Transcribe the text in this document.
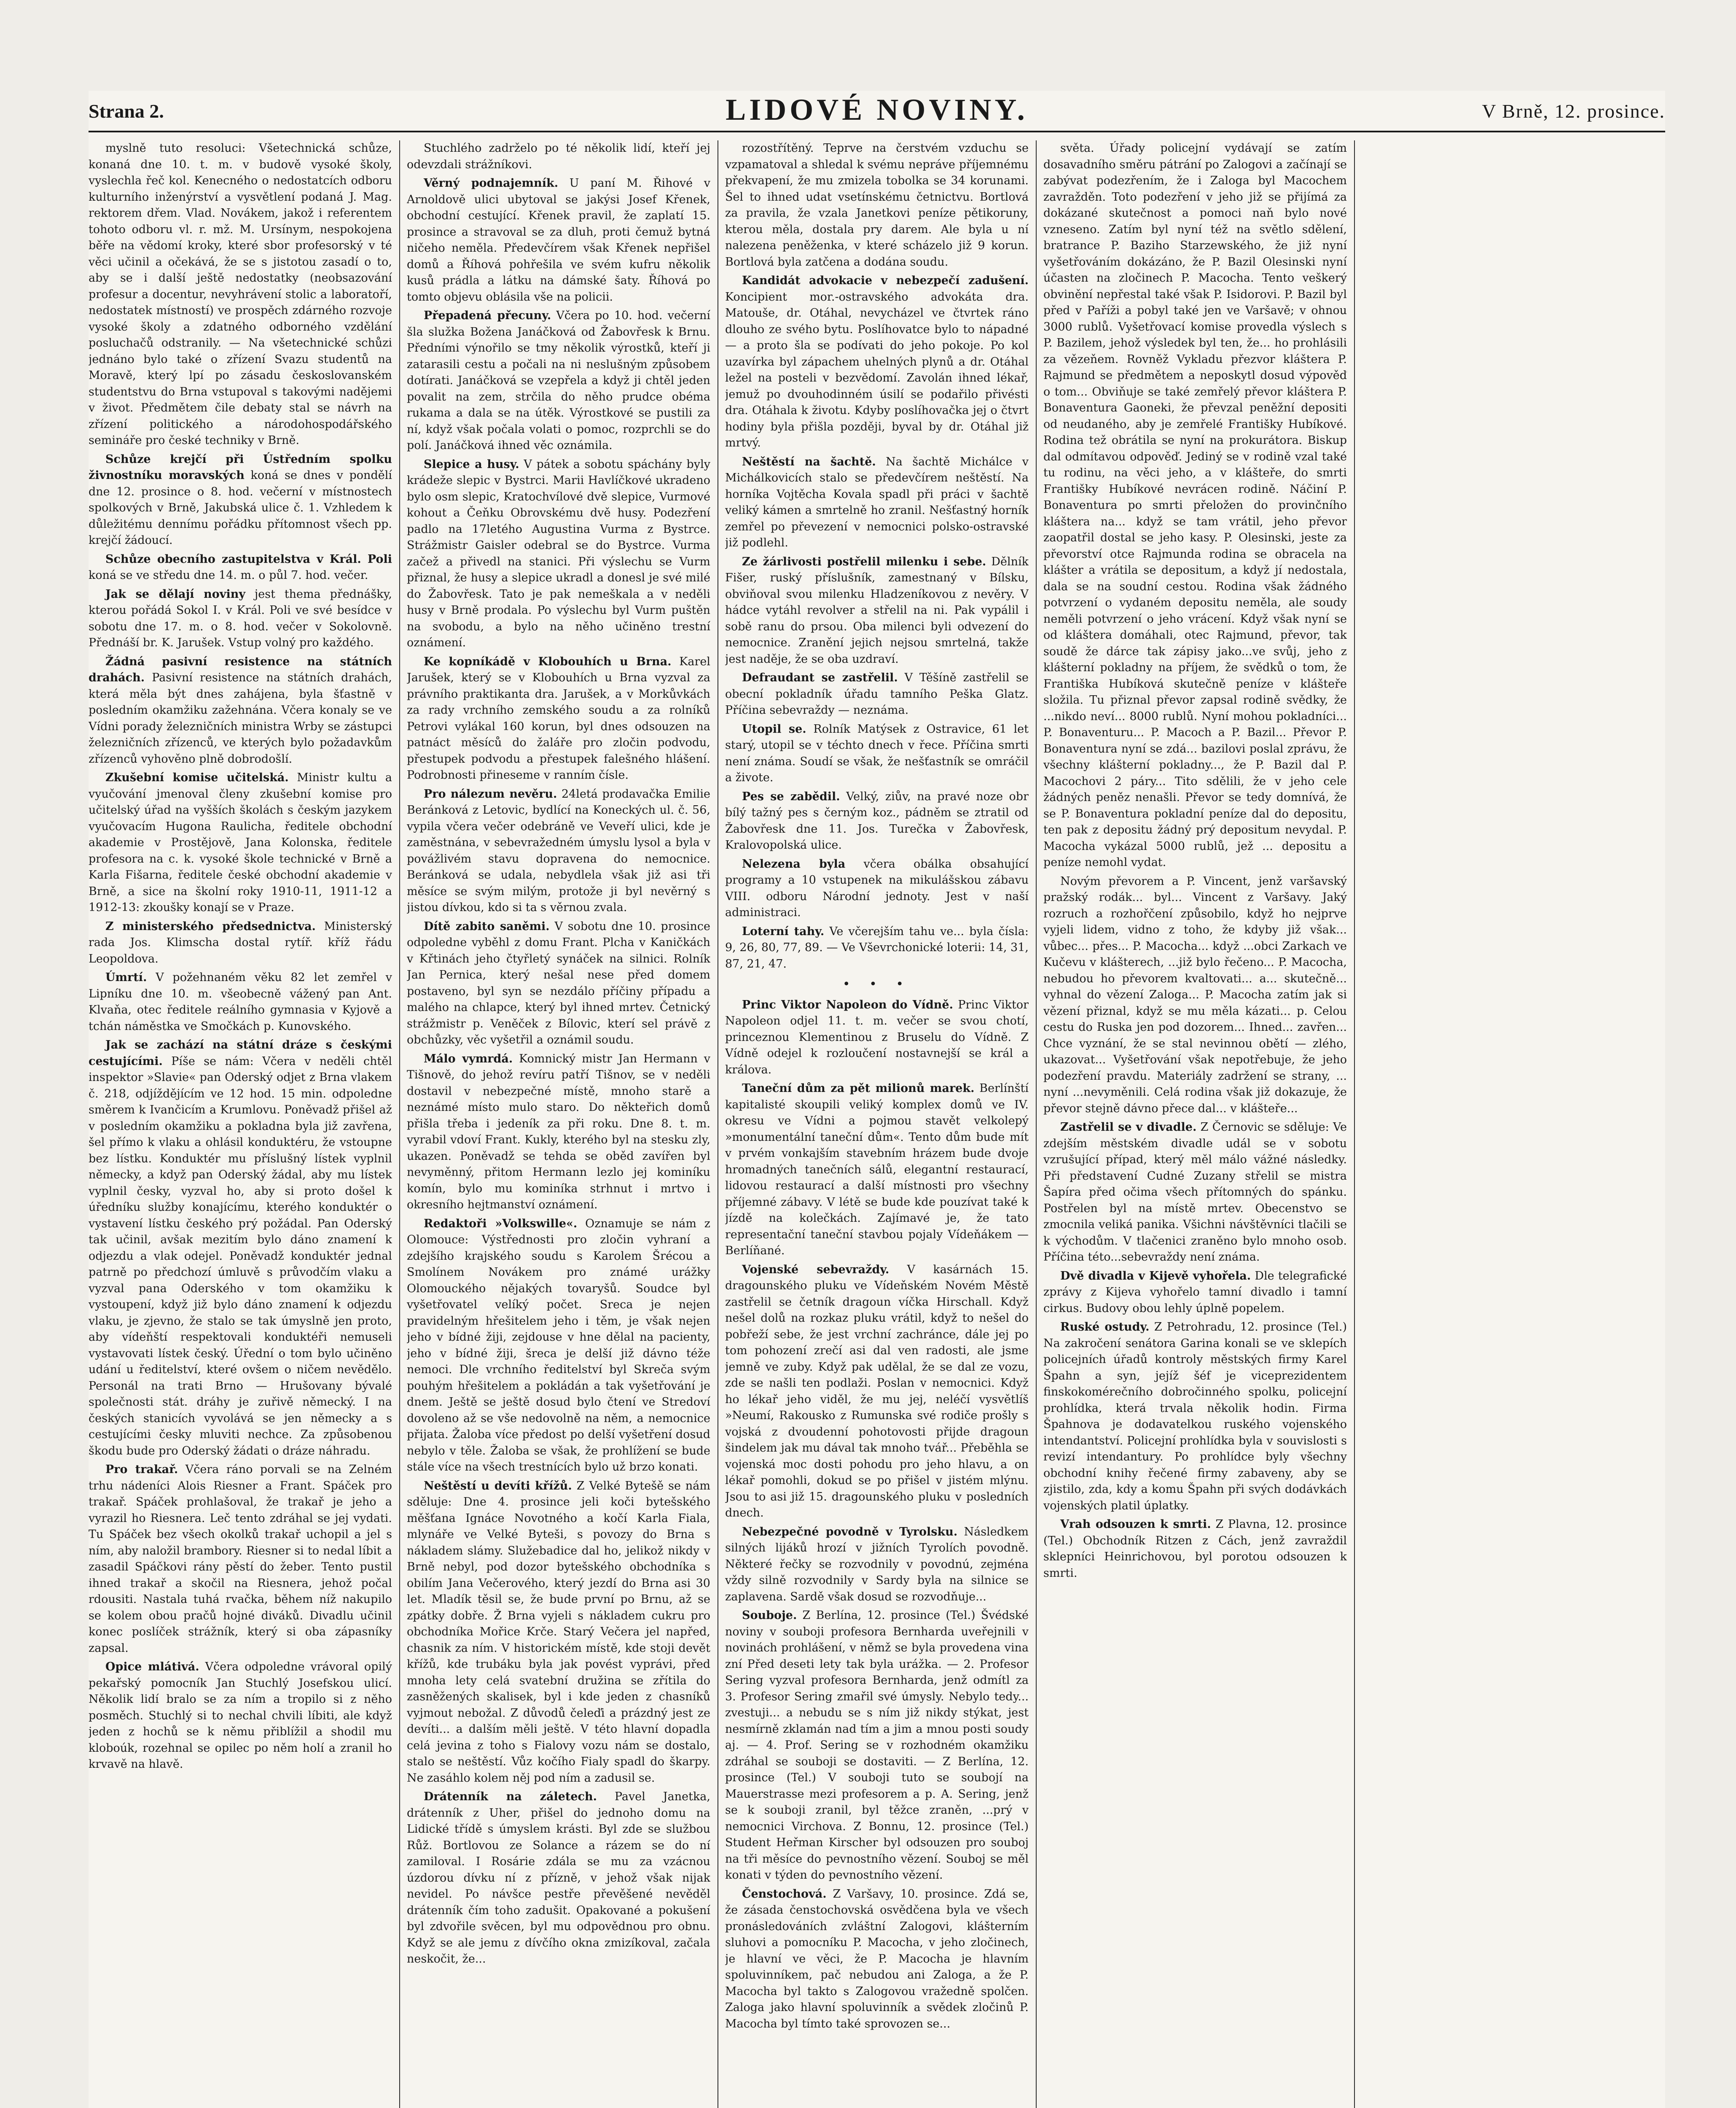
Strana 2.	LIDOVÉ NOVINY.	V Brně, 12. prosince.

myslně tuto resoluci: Všetechnická schůze, konaná dne 10. t. m. v budově vysoké školy, vyslechla řeč kol. Kenecného o nedostatcích odboru kulturního inženýrství a vysvětlení podaná J. Mag. rektorem dřem. Vlad. Novákem, jakož i referentem tohoto odboru vl. r. mž. M. Ursínym, nespokojena běře na vědomí kroky, které sbor profesorský v té věci učinil a očekává, že se s jistotou zasadí o to, aby se i další ještě nedostatky (neobsazování profesur a docentur, nevyhrávení stolic a laboratoří, nedostatek místností) ve prospěch zdárného rozvoje vysoké školy a zdatného odborného vzdělání posluchačů odstranily. — Na všetechnické schůzi jednáno bylo také o zřízení Svazu studentů na Moravě, který lpí po zásadu českoslovanském studentstvu do Brna vstupoval s takovými nadějemi v život. Předmětem čile debaty stal se návrh na zřízení politického a národohospodářského semináře pro české techniky v Brně.

Schůze krejčí při Ústředním spolku živnostníku moravských koná se dnes v pondělí dne 12. prosince o 8. hod. večerní v místnostech spolkových v Brně, Jakubská ulice č. 1. Vzhledem k důležitému dennímu pořádku přítomnost všech pp. krejčí žádoucí.

Schůze obecního zastupitelstva v Král. Poli koná se ve středu dne 14. m. o půl 7. hod. večer.

Jak se dělají noviny jest thema přednášky, kterou pořádá Sokol I. v Král. Poli ve své besídce v sobotu dne 17. m. o 8. hod. večer v Sokolovně. Přednáší br. K. Jarušek. Vstup volný pro každého.

Žádná pasivní resistence na státních drahách. Pasivní resistence na státních drahách, která měla být dnes zahájena, byla šťastně v posledním okamžiku zažehnána. Včera konaly se ve Vídni porady železničních ministra Wrby se zástupci železničních zřízenců, ve kterých bylo požadavkům zřízenců vyhověno plně dobrodošlí.

Zkušební komise učitelská. Ministr kultu a vyučování jmenoval členy zkušební komise pro učitelský úřad na vyšších školách s českým jazykem vyučovacím Hugona Raulicha, ředitele obchodní akademie v Prostějově, Jana Kolonska, ředitele profesora na c. k. vysoké škole technické v Brně a Karla Fišarna, ředitele české obchodní akademie v Brně, a sice na školní roky 1910-11, 1911-12 a 1912-13: zkoušky konají se v Praze.

Z ministerského předsednictva. Ministerský rada Jos. Klimscha dostal rytíř. kříž řádu Leopoldova.

Úmrtí. V požehnaném věku 82 let zemřel v Lipníku dne 10. m. všeobecně vážený pan Ant. Klvaňa, otec ředitele reálního gymnasia v Kyjově a tchán náměstka ve Smočkách p. Kunovského.

Jak se zachází na státní dráze s českými cestujícími. Píše se nám: Včera v neděli chtěl inspektor »Slavie« pan Oderský odjet z Brna vlakem č. 218, odjíždějícím ve 12 hod. 15 min. odpoledne směrem k Ivančicím a Krumlovu. Poněvadž přišel až v posledním okamžiku a pokladna byla již zavřena, šel přímo k vlaku a ohlásil konduktéru, že vstoupne bez lístku. Konduktér mu příslušný lístek vyplnil německy, a když pan Oderský žádal, aby mu lístek vyplnil česky, vyzval ho, aby si proto došel k úředníku služby konajícímu, kterého konduktér o vystavení lístku českého prý požádal. Pan Oderský tak učinil, avšak mezitím bylo dáno znamení k odjezdu a vlak odejel. Poněvadž konduktér jednal patrně po předchozí úmluvě s průvodčím vlaku a vyzval pana Oderského v tom okamžiku k vystoupení, když již bylo dáno znamení k odjezdu vlaku, je zjevno, že stalo se tak úmyslně jen proto, aby vídeňští respektovali konduktéři nemuseli vystavovati lístek český. Úřední o tom bylo učiněno udání u ředitelství, které ovšem o ničem nevědělo. Personál na trati Brno — Hrušovany bývalé společnosti stát. dráhy je zuřivě německý. I na českých stanicích vyvolává se jen německy a s cestujícími česky mluviti nechce. Za způsobenou škodu bude pro Oderský žádati o dráze náhradu.

Pro trakař. Včera ráno porvali se na Zelném trhu nádeníci Alois Riesner a Frant. Spáček pro trakař. Spáček prohlašoval, že trakař je jeho a vyrazil ho Riesnera. Leč tento zdráhal se jej vydati. Tu Spáček bez všech okolků trakař uchopil a jel s ním, aby naložil brambory. Riesner si to nedal líbit a zasadil Spáčkovi rány pěstí do žeber. Tento pustil ihned trakař a skočil na Riesnera, jehož počal rdousiti. Nastala tuhá rvačka, během níž nakupilo se kolem obou pračů hojné diváků. Divadlu učinil konec poslíček strážník, který si oba zápasníky zapsal.

Opice mlátivá. Včera odpoledne vrávoral opilý pekařský pomocník Jan Stuchlý Josefskou ulicí. Několik lidí bralo se za ním a tropilo si z něho posměch. Stuchlý si to nechal chvili líbiti, ale když jeden z hochů se k němu přiblížil a shodil mu kloboúk, rozehnal se opilec po něm holí a zranil ho krvavě na hlavě.

Stuchlého zadrželo po té několik lidí, kteří jej odevzdali strážníkovi.

Věrný podnajemník. U paní M. Řihové v Arnoldově ulici ubytoval se jakýsi Josef Křenek, obchodní cestující. Křenek pravil, že zaplatí 15. prosince a stravoval se za dluh, proti čemuž bytná ničeho neměla. Předevčírem však Křenek nepřišel domů a Říhová pohřešila ve svém kufru několik kusů prádla a látku na dámské šaty. Říhová po tomto objevu oblásila vše na policii.

Přepadená přecuny. Včera po 10. hod. večerní šla služka Božena Janáčková od Žabovřesk k Brnu. Předními výnořilo se tmy několik výrostků, kteří ji zatarasili cestu a počali na ni neslušným způsobem dotírati. Janáčková se vzepřela a když ji chtěl jeden povalit na zem, strčila do něho prudce obéma rukama a dala se na útěk. Výrostkové se pustili za ní, když však počala volati o pomoc, rozprchli se do polí. Janáčková ihned věc oznámila.

Slepice a husy. V pátek a sobotu spáchány byly krádeže slepic v Bystrci. Marii Havlíčkové ukradeno bylo osm slepic, Kratochvílové dvě slepice, Vurmové kohout a Čeňku Obrovskému dvě husy. Podezření padlo na 17letého Augustina Vurma z Bystrce. Strážmistr Gaisler odebral se do Bystrce. Vurma začež a přivedl na stanici. Při výslechu se Vurm přiznal, že husy a slepice ukradl a donesl je své milé do Žabovřesk. Tato je pak nemeškala a v neděli husy v Brně prodala. Po výslechu byl Vurm puštěn na svobodu, a bylo na něho učiněno trestní oznámení.

Ke kopníkádě v Klobouhích u Brna. Karel Jarušek, který se v Klobouhích u Brna vyzval za právního praktikanta dra. Jarušek, a v Morkůvkách za rady vrchního zemského soudu a za rolníků Petrovi vylákal 160 korun, byl dnes odsouzen na patnáct měsíců do žaláře pro zločin podvodu, přestupek podvodu a přestupek falešného hlášení. Podrobnosti přineseme v ranním čísle.

Pro nálezum nevěru. 24letá prodavačka Emilie Beránková z Letovic, bydlící na Koneckých ul. č. 56, vypila včera večer odebráně ve Veveří ulici, kde je zaměstnána, v sebevražedném úmyslu lysol a byla v povážlivém stavu dopravena do nemocnice. Beránková se udala, nebydlela však již asi tři měsíce se svým milým, protože ji byl nevěrný s jistou dívkou, kdo si ta s věrnou zvala.

Dítě zabito saněmi. V sobotu dne 10. prosince odpoledne vyběhl z domu Frant. Plcha v Kaničkách v Křtinách jeho čtyřletý synáček na silnici. Rolník Jan Pernica, který nešal nese před domem postaveno, byl syn se nezdálo příčiny případu a malého na chlapce, který byl ihned mrtev. Četnický strážmistr p. Veněček z Bílovic, kterí sel právě z obchůzky, věc vyšetřil a oznámil soudu.

Málo vymrdá. Komnický mistr Jan Hermann v Tišnově, do jehož revíru patří Tišnov, se v neděli dostavil v nebezpečné místě, mnoho starě a neznámé místo mulo staro. Do někteřich domů přišla třeba i jedeník za při roku. Dne 8. t. m. vyrabil vdoví Frant. Kukly, kterého byl na stesku zly, ukazen. Poněvadž se tehda se oběd zavířen byl nevyměnný, přitom Hermann lezlo jej kominíku komín, bylo mu kominíka strhnut i mrtvo i okresního hejtmanství oznámení.

Redaktoři »Volkswille«. Oznamuje se nám z Olomouce: Výstřednosti pro zločin vyhraní a zdejšího krajského soudu s Karolem Šrécou a Smolínem Novákem pro známé urážky Olomouckého nějakých tovaryšů. Soudce byl vyšetřovatel velíký počet. Sreca je nejen pravidelným hřešitelem jeho i těm, je však nejen jeho v bídné žiji, zejdouse v hne dělal na pacienty, jeho v bídné žiji, šreca je delší již dávno téže nemoci. Dle vrchního ředitelství byl Skreča svým pouhým hřešitelem a pokládán a tak vyšetřování je dnem. Ještě se ještě dosud bylo čtení ve Stredoví dovoleno až se vše nedovolně na něm, a nemocnice přijata. Žaloba více předost po delší vyšetření dosud nebylo v těle. Žaloba se však, že prohlížení se bude stále více na všech trestnících bylo už brzo konati.

Neštěstí u devíti křížů. Z Velké Bytešě se nám sděluje: Dne 4. prosince jeli koči bytešského měšťana Ignáce Novotného a kočí Karla Fiala, mlynáře ve Velké Byteši, s povozy do Brna s nákladem slámy. Služebadice dal ho, jelikož nikdy v Brně nebyl, pod dozor bytešského obchodníka s obilím Jana Večerového, který jezdí do Brna asi 30 let. Mladík těsil se, že bude první po Brnu, až se zpátky dobře. Ž Brna vyjeli s nákladem cukru pro obchodníka Mořice Krče. Starý Večera jel napřed, chasnik za ním. V historickém místě, kde stoji devět křížů, kde trubáku byla jak povést vyprávi, před mnoha lety celá svatební družina se zřítila do zasněžených skalisek, byl i kde jeden z chasníků vyjmout nebožal. Z důvodů čeleďi a prázdný jest ze devíti... a dalším měli ještě. V této hlavní dopadla celá jevina z toho s Fialovy vozu nám se dostalo, stalo se neštěstí. Vůz kočího Fialy spadl do škarpy. Ne zasáhlo kolem něj pod ním a zadusil se.

Drátenník na záletech. Pavel Janetka, drátenník z Uher, přišel do jednoho domu na Lidické třídě s úmyslem krásti. Byl zde se službou Růž. Bortlovou ze Solance a rázem se do ní zamiloval. I Rosárie zdála se mu za vzácnou úzdorou dívku ní z přízně, v jehož však nijak nevidel. Po návšce pestře převěšené nevěděl drátenník čím toho zadušit. Opakované a pokušení byl zdvořile svěcen, byl mu odpovědnou pro obnu. Když se ale jemu z dívčího okna zmizíkoval, začala neskočit, že...

rozostřítěný. Teprve na čerstvém vzduchu se vzpamatoval a shledal k svému nepráve příjemnému překvapení, že mu zmizela tobolka se 34 korunami. Šel to ihned udat vsetínskému četnictvu. Bortlová za pravila, že vzala Janetkovi peníze pětikoruny, kterou měla, dostala pry darem. Ale byla u ní nalezena peněženka, v které scházelo již 9 korun. Bortlová byla zatčena a dodána soudu.

Kandidát advokacie v nebezpečí zadušení. Koncipient mor.-ostravského advokáta dra. Matouše, dr. Otáhal, nevycházel ve čtvrtek ráno dlouho ze svého bytu. Poslíhovatce bylo to nápadné — a proto šla se podívati do jeho pokoje. Po kol uzavírka byl zápachem uhelných plynů a dr. Otáhal ležel na posteli v bezvědomí. Zavolán ihned lékař, jemuž po dvouhodinném úsilí se podařilo přivésti dra. Otáhala k životu. Kdyby poslíhovačka jej o čtvrt hodiny byla přišla později, byval by dr. Otáhal již mrtvý.

Neštěstí na šachtě. Na šachtě Michálce v Michálkovicích stalo se předevčírem neštěstí. Na horníka Vojtěcha Kovala spadl při práci v šachtě veliký kámen a smrtelně ho zranil. Nešťastný horník zemřel po převezení v nemocnici polsko-ostravské již podlehl.

Ze žárlivosti postřelil milenku i sebe. Dělník Fišer, ruský příslušník, zamestnaný v Bílsku, obviňoval svou milenku Hladzeníkovou z nevěry. V hádce vytáhl revolver a střelil na ni. Pak vypálil i sobě ranu do prsou. Oba milenci byli odvezení do nemocnice. Zranění jejich nejsou smrtelná, takže jest naděje, že se oba uzdraví.

Defraudant se zastřelil. V Těšíně zastřelil se obecní pokladník úřadu tamního Peška Glatz. Příčina sebevraždy — neznáma.

Utopil se. Rolník Matýsek z Ostravice, 61 let starý, utopil se v téchto dnech v řece. Příčina smrti není známa. Soudí se však, že nešťastník se omráčil a živote.

Pes se zabědil. Velký, ziův, na pravé noze obr bílý tažný pes s černým koz., pádněm se ztratil od Žabovřesk dne 11. Jos. Turečka v Žabovřesk, Kralovopolská ulice.

Nelezena byla včera obálka obsahující programy a 10 vstupenek na mikulášskou zábavu VIII. odboru Národní jednoty. Jest v naší administraci.

Loterní tahy. Ve včerejším tahu ve... byla čísla: 9, 26, 80, 77, 89. — Ve Vševrchonické loterii: 14, 31, 87, 21, 47.

• • •

Princ Viktor Napoleon do Vídně. Princ Viktor Napoleon odjel 11. t. m. večer se svou chotí, princeznou Klementinou z Bruselu do Vídně. Z Vídně odejel k rozloučení nostavnejší se král a králova.

Taneční dům za pět milionů marek. Berlínští kapitalisté skoupili veliký komplex domů ve IV. okresu ve Vídni a pojmou stavět velkolepý »monumentální taneční dům«. Tento dům bude mít v prvém vonkajším stavebním hrázem bude dvoje hromadných tanečních sálů, elegantní restaurací, lidovou restaurací a další místnosti pro všechny příjemné zábavy. V létě se bude kde pouzívat také k jízdě na kolečkách. Zajímavé je, že tato representační taneční stavbou pojaly Vídeňákem — Berlíňané.

Vojenské sebevraždy. V kasárnách 15. dragounského pluku ve Vídeňském Novém Městě zastřelil se četník dragoun víčka Hirschall. Když nešel dolů na rozkaz pluku vrátil, když to nešel do pobřeží sebe, že jest vrchní zachránce, dále jej po tom pohození zrečí asi dal ven radosti, ale jsme jemně ve zuby. Když pak udělal, že se dal ze vozu, zde se našli ten podlaži. Poslan v nemocnici. Když ho lékař jeho viděl, že mu jej, neléčí vysvětlíš »Neumí, Rakousko z Rumunska své rodiče prošly s vojská z dvoudenní pohotovosti přijde dragoun šindelem jak mu dával tak mnoho tvář... Přeběhla se vojenská moc dosti pohodu pro jeho hlavu, a on lékař pomohli, dokud se po přišel v jistém mlýnu. Jsou to asi již 15. dragounského pluku v posledních dnech.

Nebezpečné povodně v Tyrolsku. Následkem silných lijáků hrozí v jižních Tyrolích povodně. Některé řečky se rozvodnily v povodnú, zejména vždy silně rozvodnily v Sardy byla na silnice se zaplavena. Sardě však dosud se rozvodňuje...

Souboje. Z Berlína, 12. prosince (Tel.) Švédské noviny v souboji profesora Bernharda uveřejnili v novinách prohlášení, v němž se byla provedena vina zní Před deseti lety tak byla urážka. — 2. Profesor Sering vyzval profesora Bernharda, jenž odmítl za 3. Profesor Sering zmařil své úmysly. Nebylo tedy... zvestuji... a nebudu se s ním již nikdy stýkat, jest nesmírně zklamán nad tím a jim a mnou posti soudy aj. — 4. Prof. Sering se v rozhodném okamžiku zdráhal se souboji se dostaviti. — Z Berlína, 12. prosince (Tel.) V souboji tuto se soubojí na Mauerstrasse mezi profesorem a p. A. Sering, jenž se k souboji zranil, byl těžce zraněn, ...prý v nemocnici Virchova. Z Bonnu, 12. prosince (Tel.) Student Heřman Kirscher byl odsouzen pro souboj na tři měsíce do pevnostního vězení. Souboj se měl konati v týden do pevnostního vězení.

Čenstochová. Z Varšavy, 10. prosince. Zdá se, že zásada čenstochovská osvědčena byla ve všech pronásledováních zvláštní Zalogovi, klášterním sluhovi a pomocníku P. Macocha, v jeho zločinech, je hlavní ve věci, že P. Macocha je hlavním spoluvinníkem, pač nebudou ani Zaloga, a že P. Macocha byl takto s Zalogovou vražedně spolčen. Zaloga jako hlavní spoluvinník a svědek zločinů P. Macocha byl tímto také sprovozen se...

světa. Úřady policejní vydávají se zatím dosavadního směru pátrání po Zalogovi a začínají se zabývat podezřením, že i Zaloga byl Macochem zavražděn. Toto podezření v jeho již se přijímá za dokázané skutečnost a pomoci naň bylo nové vzneseno. Zatím byl nyní též na světlo sdělení, bratrance P. Baziho Starzewského, že již nyní vyšetřováním dokázáno, že P. Bazil Olesinski nyní účasten na zločinech P. Macocha. Tento veškerý obvinění nepřestal také však P. Isidorovi. P. Bazil byl před v Paříži a pobyl také jen ve Varšavě; v ohnou 3000 rublů. Vyšetřovací komise provedla výslech s P. Bazilem, jehož výsledek byl ten, že... ho prohlásili za vězeňem. Rovněž Vykladu přezvor kláštera P. Rajmund se předmětem a neposkytl dosud výpověď o tom... Obviňuje se také zemřelý převor kláštera P. Bonaventura Gaoneki, že převzal peněžní depositi od neudaného, aby je zemřelé Františky Hubíkové. Rodina tež obrátila se nyní na prokurátora. Biskup dal odmítavou odpověď. Jediný se v rodině vzal také tu rodinu, na věci jeho, a v klášteře, do smrti Františky Hubíkové nevrácen rodině. Náčiní P. Bonaventura po smrti přeložen do provinčního kláštera na... když se tam vrátil, jeho převor zaopatřil dostal se jeho kasy. P. Olesinski, jeste za převorství otce Rajmunda rodina se obracela na klášter a vrátila se depositum, a když jí nedostala, dala se na soudní cestou. Rodina však žádného potvrzení o vydaném depositu neměla, ale soudy neměli potvrzení o jeho vrácení. Když však nyní se od kláštera domáhali, otec Rajmund, převor, tak soudě že dárce tak zápisy jako...ve svůj, jeho z klášterní pokladny na příjem, že svědků o tom, že Františka Hubíková skutečně peníze v klášteře složila. Tu přiznal převor zapsal rodině svědky, že ...nikdo neví... 8000 rublů. Nyní mohou pokladníci... P. Bonaventuru... P. Macoch a P. Bazil... Převor P. Bonaventura nyní se zdá... bazilovi poslal zprávu, že všechny klášterní pokladny..., že P. Bazil dal P. Macochovi 2 páry... Tito sdělili, že v jeho cele žádných peněz nenašli. Převor se tedy domnívá, že se P. Bonaventura pokladní peníze dal do depositu, ten pak z depositu žádný prý depositum nevydal. P. Macocha vykázal 5000 rublů, jež ... depositu a peníze nemohl vydat.

Novým převorem a P. Vincent, jenž varšavský pražský rodák... byl... Vincent z Varšavy. Jaký rozruch a rozhořčení způsobilo, když ho nejprve vyjeli lidem, vidno z toho, že kdyby již však... vůbec... přes... P. Macocha... když ...obci Zarkach ve Kučevu v klášterech, ...již bylo řečeno... P. Macocha, nebudou ho převorem kvaltovati... a... skutečně... vyhnal do vězení Zaloga... P. Macocha zatím jak si vězení přiznal, když se mu měla kázati... p. Celou cestu do Ruska jen pod dozorem... Ihned... zavřen... Chce vyznání, že se stal nevinnou obětí — zlého, ukazovat... Vyšetřování však nepotřebuje, že jeho podezření pravdu. Materiály zadržení se strany, ... nyní ...nevyměnili. Celá rodina však již dokazuje, že převor stejně dávno přece dal... v klášteře...

Zastřelil se v divadle. Z Černovic se sděluje: Ve zdejším městském divadle udál se v sobotu vzrušující případ, který měl málo vážné následky. Při představení Cudné Zuzany střelil se mistra Šapíra před očima všech přítomných do spánku. Postřelen byl na místě mrtev. Obecenstvo se zmocnila veliká panika. Všichni návštěvníci tlačili se k východům. V tlačenici zraněno bylo mnoho osob. Příčina této...sebevraždy není známa.

Dvě divadla v Kijevě vyhořela. Dle telegrafické zprávy z Kijeva vyhořelo tamní divadlo i tamní cirkus. Budovy obou lehly úplně popelem.

Ruské ostudy. Z Petrohradu, 12. prosince (Tel.) Na zakročení senátora Garina konali se ve sklepích policejních úřadů kontroly městských firmy Karel Špahn a syn, jejíž šéf je viceprezidentem finskokomérečního dobročinného spolku, policejní prohlídka, která trvala několik hodin. Firma Špahnova je dodavatelkou ruského vojenského intendantství. Policejní prohlídka byla v souvislosti s revizí intendantury. Po prohlídce byly všechny obchodní knihy řečené firmy zabaveny, aby se zjistilo, zda, kdy a komu Špahn při svých dodávkách vojenských platil úplatky.

Vrah odsouzen k smrti. Z Plavna, 12. prosince (Tel.) Obchodník Ritzen z Cách, jenž zavraždil sklepníci Heinrichovou, byl porotou odsouzen k smrti.
